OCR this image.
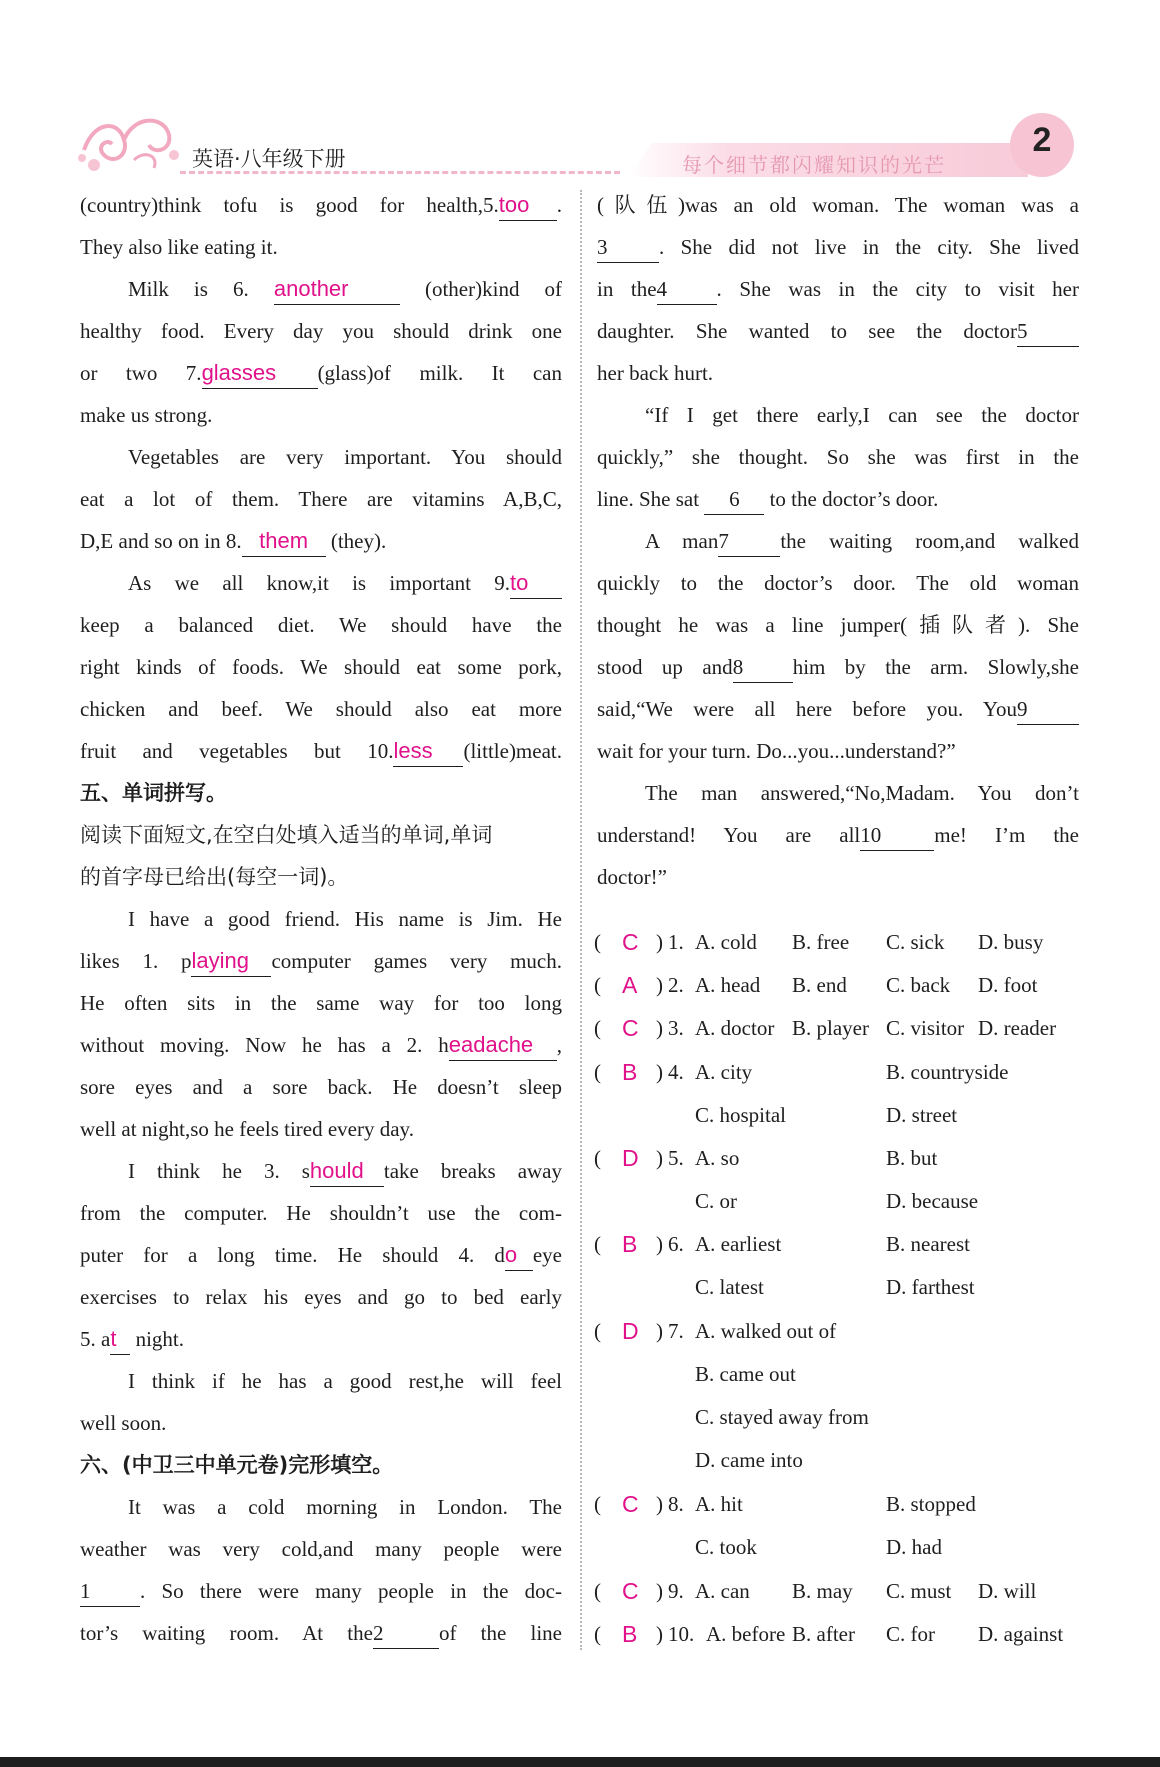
英语·八年级下册	每个细节都闪耀知识的光芒
2
(country)think tofu is good for health,5.too .
They also like eating it.
Milk is 6. another	(other)kind of
healthy food. Every day you should drink one
or two 7.glasses (glass)of milk. It can
make us strong.
Vegetables are very important. You should
eat a lot of them. There are vitamins A,B,C,
D,E and so on in 8. them (they).
As we all know,it is important 9.to
keep a balanced diet. We should have the
right kinds of foods. We should eat some pork,
chicken and beef. We should also eat more
fruit and vegetables but 10.less (little)meat.
五、单词拼写。
阅读下面短文,在空白处填入适当的单词,单词
的首字母已给出(每空一词)。
I have a good friend. His name is Jim. He
likes 1. playing computer games very much.
He often sits in the same way for too long
without moving. Now he has a 2. headache ,
sore eyes and a sore back. He doesn’t sleep
well at night,so he feels tired every day.
I think he 3. should take breaks away
from the computer. He shouldn’t use the com-
puter for a long time. He should 4. do eye
exercises to relax his eyes and go to bed early
5. at night.
I think if he has a good rest,he will feel
well soon.
六、(中卫三中单元卷)完形填空。
It was a cold morning in London. The
weather was very cold,and many people were
1 . So there were many people in the doc-
tor’s waiting room. At the2	of the line
(队伍)was an old woman. The woman was a
3 . She did not live in the city. She lived
in the4 . She was in the city to visit her
daughter. She wanted to see the doctor5
her back hurt.
“If I get there early,I can see the doctor
quickly,” she thought. So she was first in the
line. She sat 6 to the doctor’s door.
A man7 the waiting room,and walked
quickly to the doctor’s door. The old woman
thought he was a line jumper(插队者). She
stood up and8 him by the arm. Slowly,she
said,“We were all here before you. You9
wait for your turn. Do...you...understand?”
The man answered,“No,Madam. You don’t
understand! You are all10	me! I’m the
doctor!”
( C ) 1. A. cold B. free C. sick D. busy
( A ) 2. A. head B. end C. back D. foot
( C ) 3. A. doctor B. player C. visitor D. reader
( B ) 4. A. city	B. countryside
C. hospital	D. street
( D ) 5. A. so	B. but
C. or	D. because
( B ) 6. A. earliest	B. nearest
C. latest	D. farthest
( D ) 7. A. walked out of
B. came out
C. stayed away from
D. came into
( C ) 8. A. hit	B. stopped
C. took	D. had
( C ) 9. A. can B. may C. must D. will
( B ) 10. A. before B. after C. for D. against
